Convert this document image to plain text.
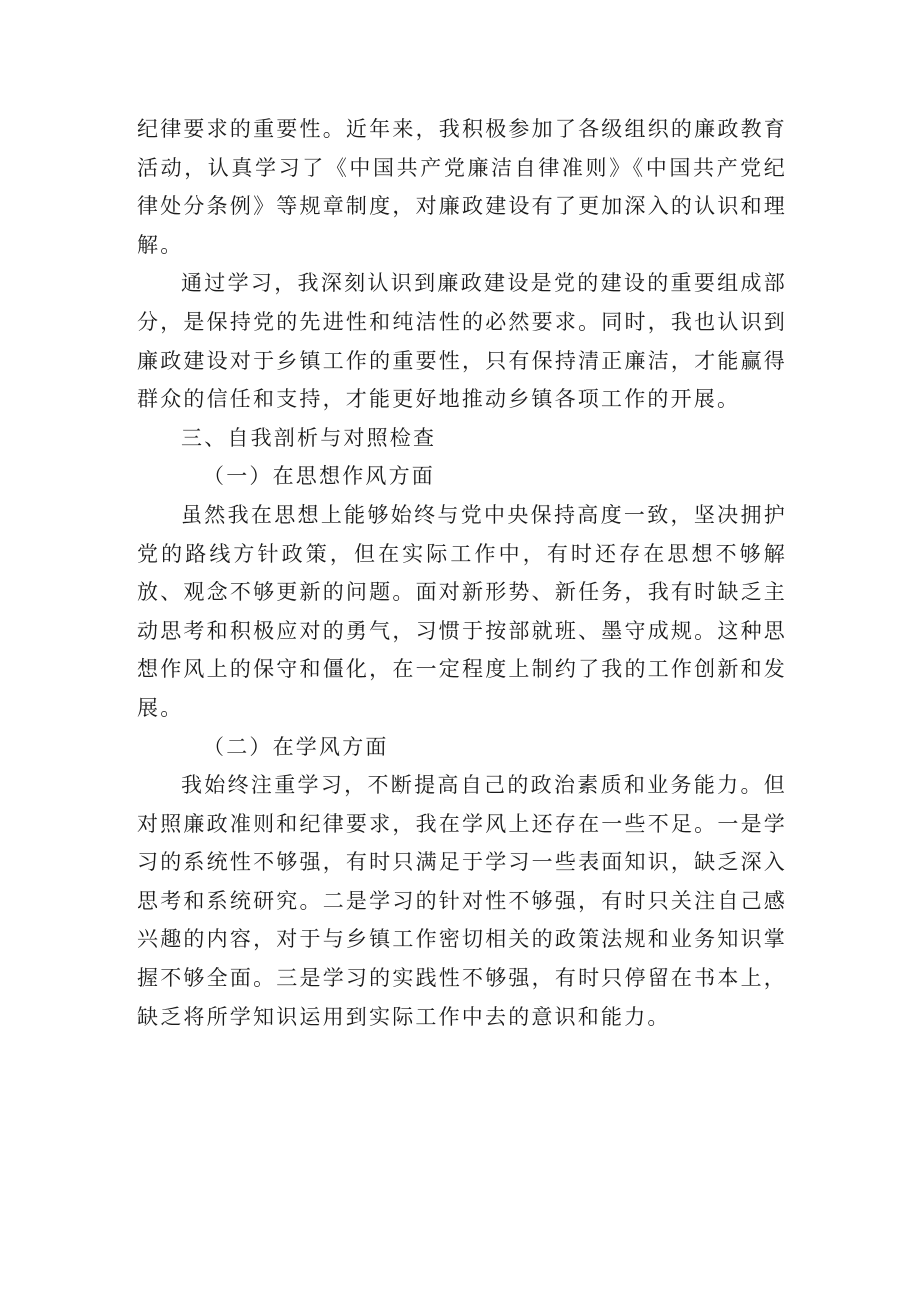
纪律要求的重要性。近年来，我积极参加了各级组织的廉政教育活动，认真学习了《中国共产党廉洁自律准则》《中国共产党纪律处分条例》等规章制度，对廉政建设有了更加深入的认识和理解。

通过学习，我深刻认识到廉政建设是党的建设的重要组成部分，是保持党的先进性和纯洁性的必然要求。同时，我也认识到廉政建设对于乡镇工作的重要性，只有保持清正廉洁，才能赢得群众的信任和支持，才能更好地推动乡镇各项工作的开展。

三、自我剖析与对照检查

（一）在思想作风方面

虽然我在思想上能够始终与党中央保持高度一致，坚决拥护党的路线方针政策，但在实际工作中，有时还存在思想不够解放、观念不够更新的问题。面对新形势、新任务，我有时缺乏主动思考和积极应对的勇气，习惯于按部就班、墨守成规。这种思想作风上的保守和僵化，在一定程度上制约了我的工作创新和发展。

（二）在学风方面

我始终注重学习，不断提高自己的政治素质和业务能力。但对照廉政准则和纪律要求，我在学风上还存在一些不足。一是学习的系统性不够强，有时只满足于学习一些表面知识，缺乏深入思考和系统研究。二是学习的针对性不够强，有时只关注自己感兴趣的内容，对于与乡镇工作密切相关的政策法规和业务知识掌握不够全面。三是学习的实践性不够强，有时只停留在书本上，缺乏将所学知识运用到实际工作中去的意识和能力。
